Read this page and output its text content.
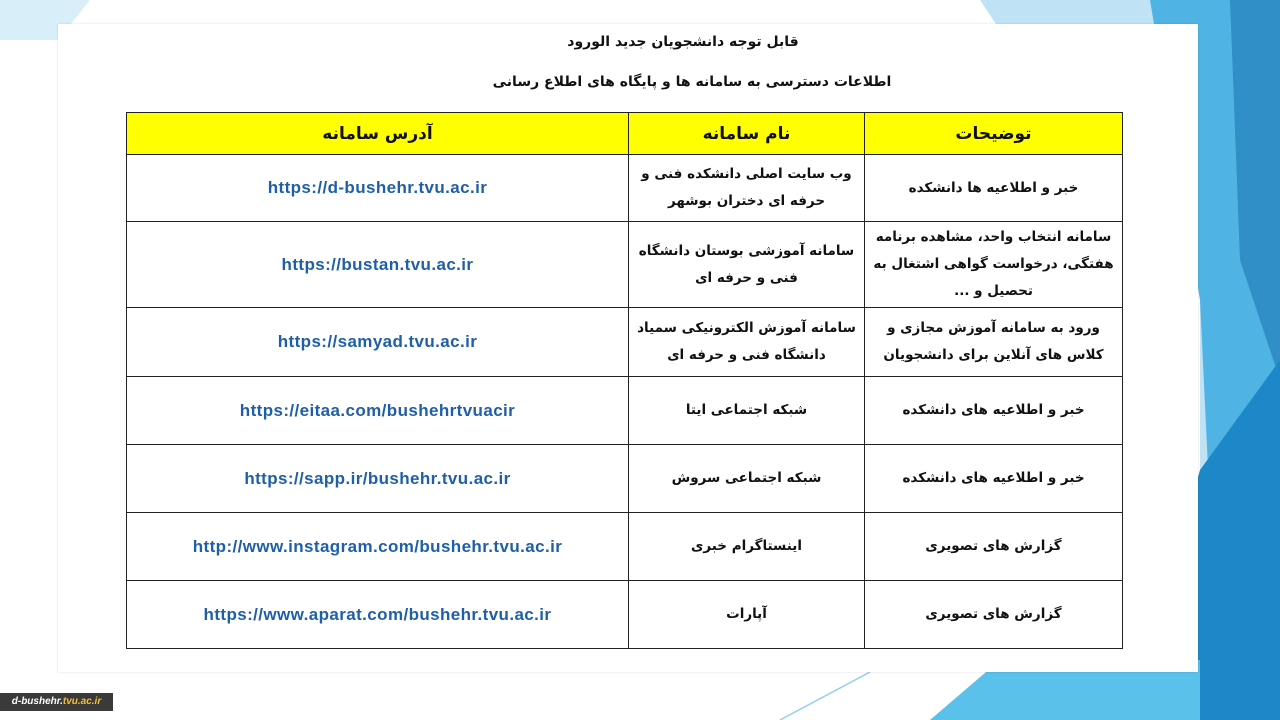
قابل توجه دانشجویان جدید الورود
اطلاعات دسترسی به سامانه ها و پایگاه های اطلاع رسانی
آدرس سامانه	نام سامانه	توضیحات
https://d-bushehr.tvu.ac.ir	وب سایت اصلی دانشکده فنی و حرفه ای دختران بوشهر	خبر و اطلاعیه ها دانشکده

https://bustan.tvu.ac.ir	سامانه آموزشی بوستان دانشگاه فنی و حرفه ای	سامانه انتخاب واحد، مشاهده برنامه هفتگی، درخواست گواهی اشتغال به تحصیل و ...

https://samyad.tvu.ac.ir	سامانه آموزش الکترونیکی سمیاد دانشگاه فنی و حرفه ای	ورود به سامانه آموزش مجازی و کلاس های آنلاین برای دانشجویان

https://eitaa.com/bushehrtvuacir	شبکه اجتماعی ایتا	خبر و اطلاعیه های دانشکده

https://sapp.ir/bushehr.tvu.ac.ir	شبکه اجتماعی سروش	خبر و اطلاعیه های دانشکده

http://www.instagram.com/bushehr.tvu.ac.ir	اینستاگرام خبری	گزارش های تصویری

https://www.aparat.com/bushehr.tvu.ac.ir	آپارات	گزارش های تصویری
d-bushehr.tvu.ac.ir
